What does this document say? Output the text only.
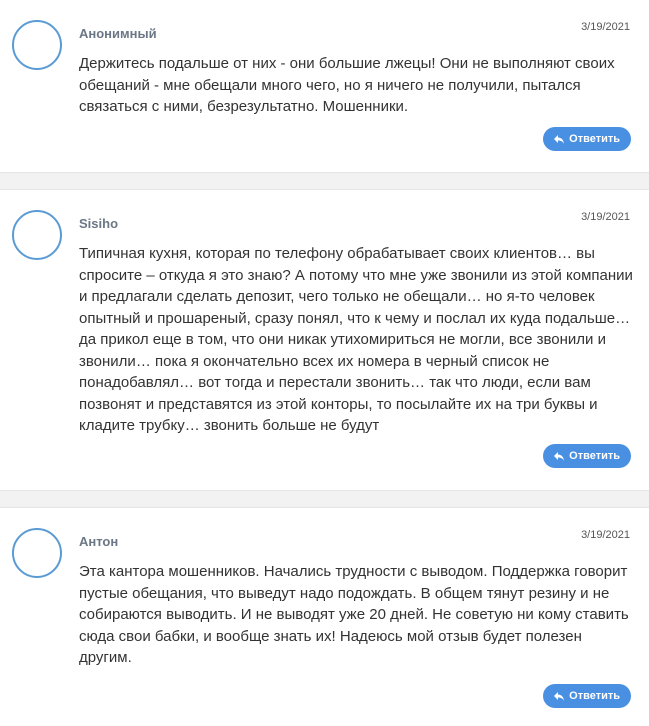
Анонимный	3/19/2021
Держитесь подальше от них - они большие лжецы! Они не выполняют своих обещаний - мне обещали много чего, но я ничего не получили, пытался связаться с ними, безрезультатно. Мошенники.
Ответить
Sisiho	3/19/2021
Типичная кухня, которая по телефону обрабатывает своих клиентов… вы спросите – откуда я это знаю? А потому что мне уже звонили из этой компании и предлагали сделать депозит, чего только не обещали… но я-то человек опытный и прошареный, сразу понял, что к чему и послал их куда подальше… да прикол еще в том, что они никак утихомириться не могли, все звонили и звонили… пока я окончательно всех их номера в черный список не понадобавлял… вот тогда и перестали звонить… так что люди, если вам позвонят и представятся из этой конторы, то посылайте их на три буквы и кладите трубку… звонить больше не будут
Ответить
Антон	3/19/2021
Эта кантора мошенников. Начались трудности с выводом. Поддержка говорит пустые обещания, что выведут надо подождать. В общем тянут резину и не собираются выводить. И не выводят уже 20 дней. Не советую ни кому ставить сюда свои бабки, и вообще знать их! Надеюсь мой отзыв будет полезен другим.
Ответить
